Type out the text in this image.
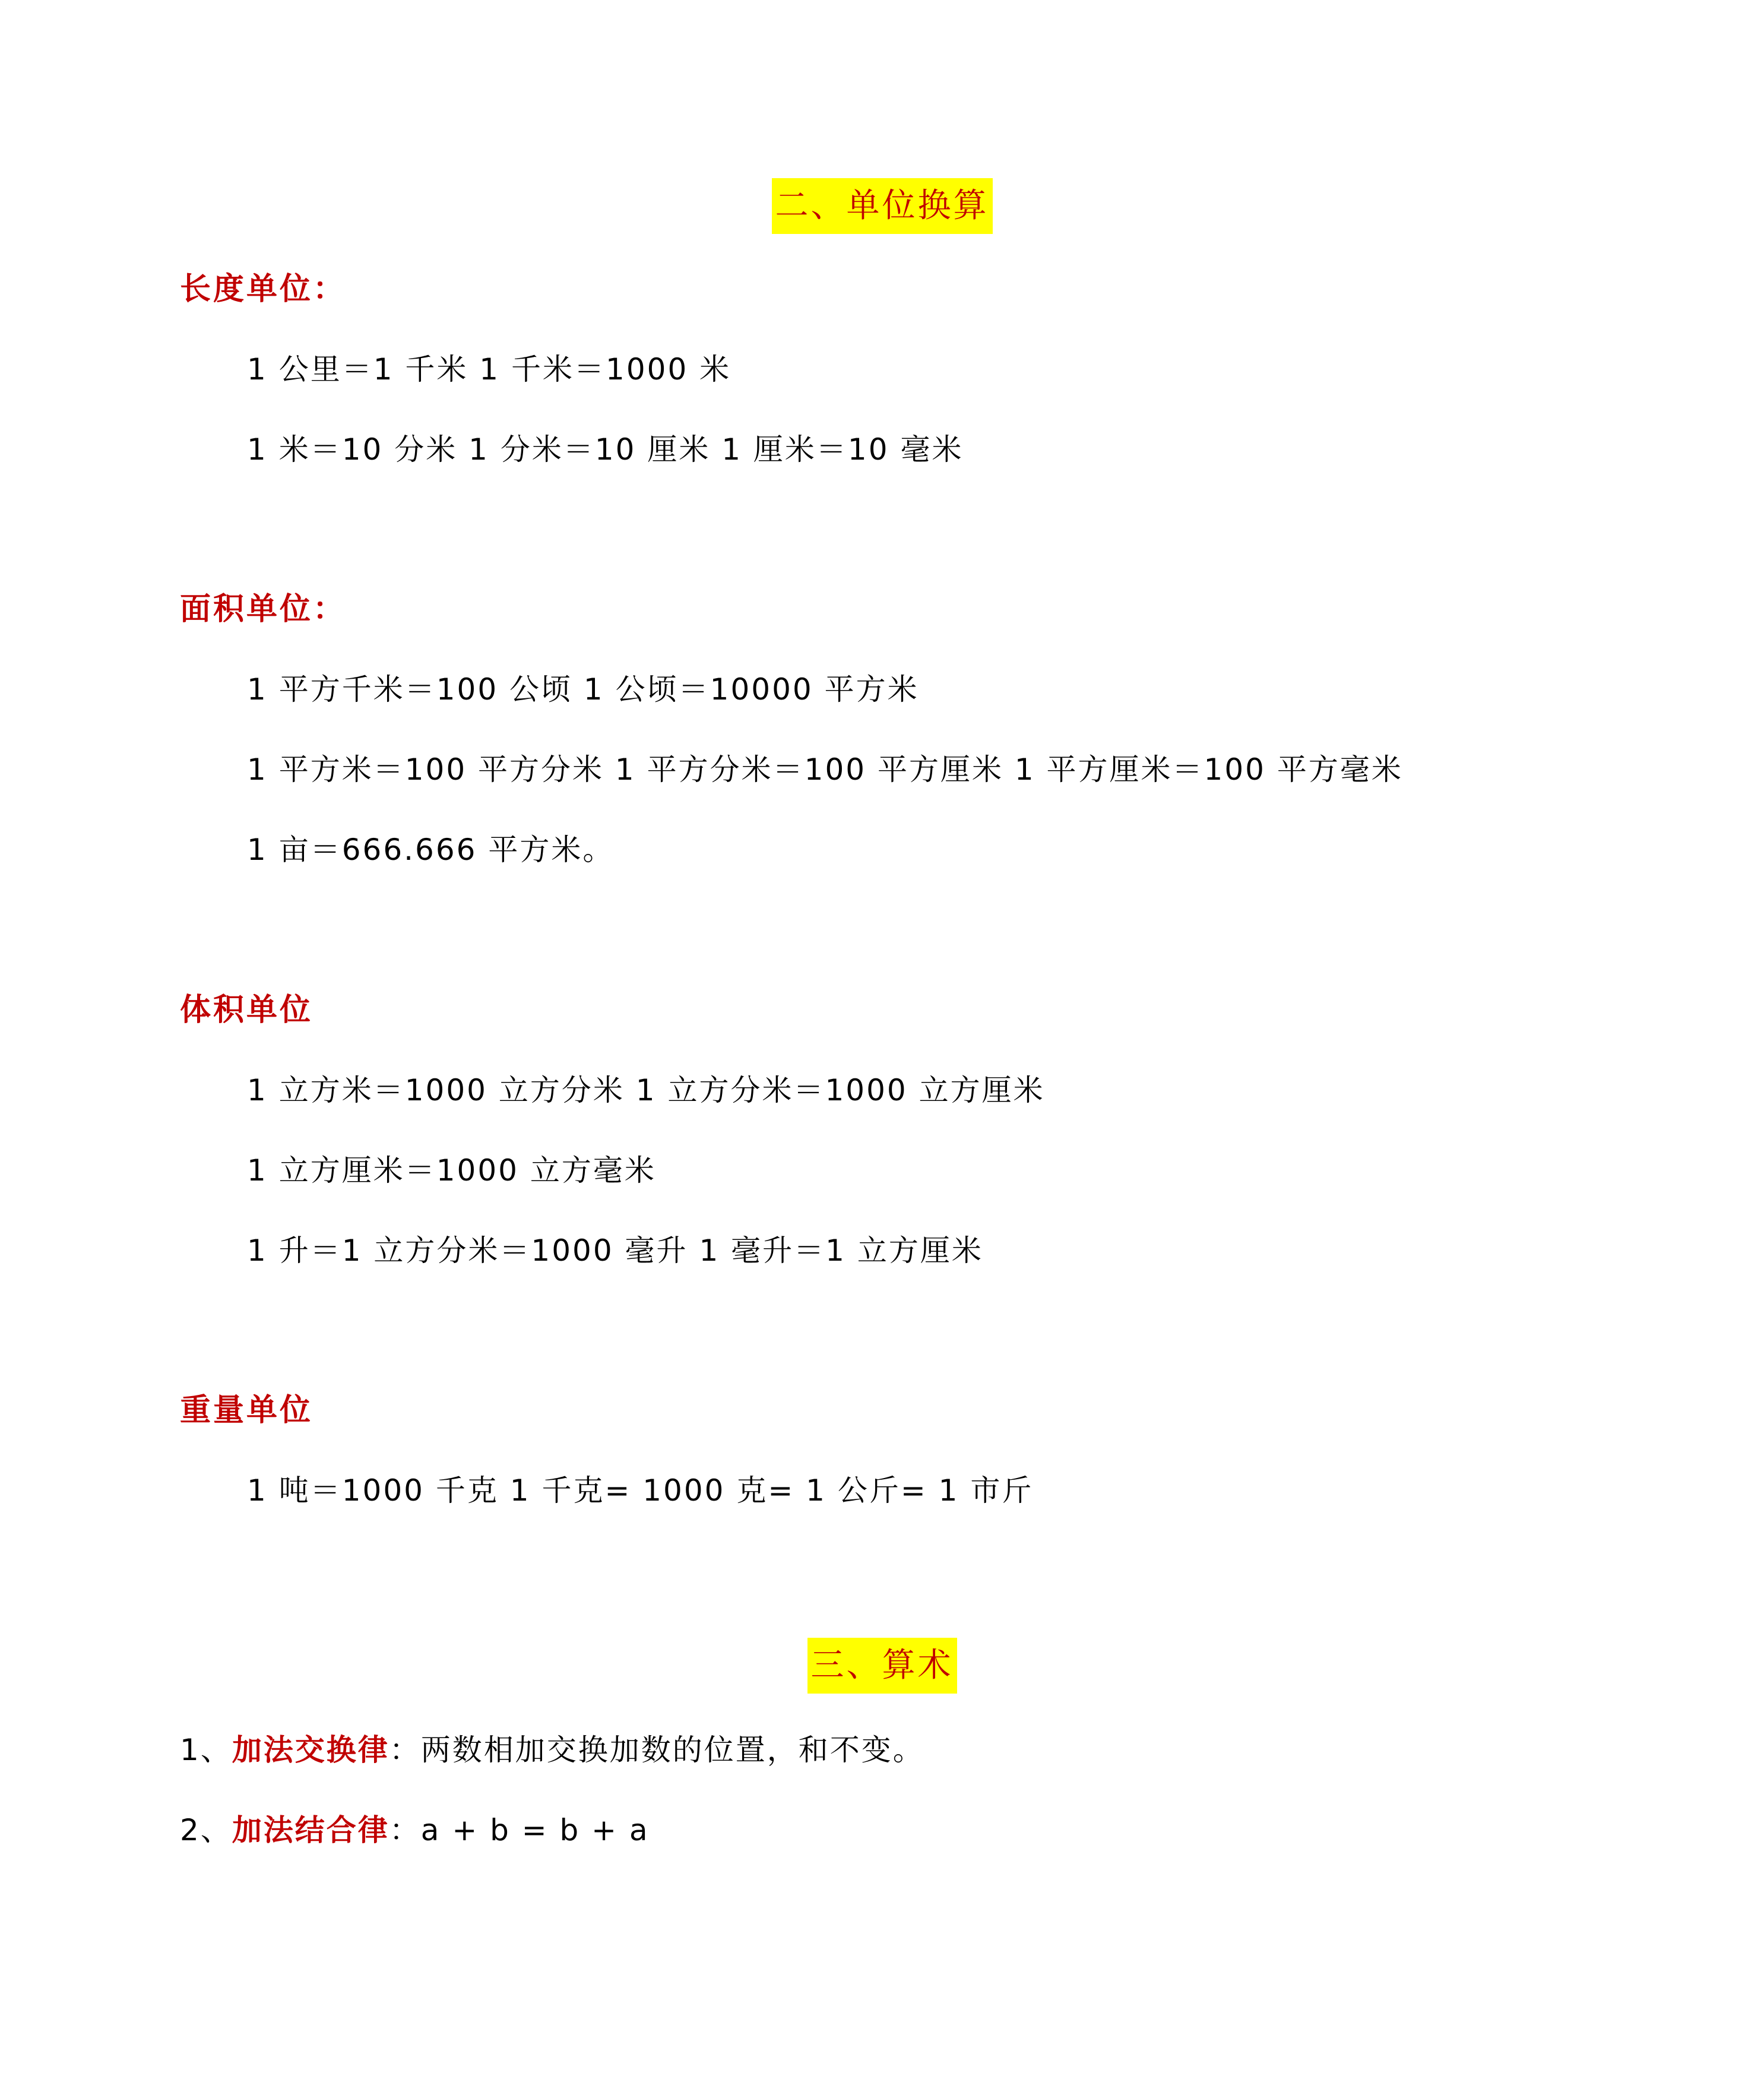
二、单位换算
长度单位：
1 公里＝1 千米 1 千米＝1000 米
1 米＝10 分米 1 分米＝10 厘米 1 厘米＝10 毫米
面积单位：
1 平方千米＝100 公顷 1 公顷＝10000 平方米
1 平方米＝100 平方分米 1 平方分米＝100 平方厘米 1 平方厘米＝100 平方毫米
1 亩＝666.666 平方米。
体积单位
1 立方米＝1000 立方分米 1 立方分米＝1000 立方厘米
1 立方厘米＝1000 立方毫米
1 升＝1 立方分米＝1000 毫升 1 毫升＝1 立方厘米
重量单位
1 吨＝1000 千克 1 千克= 1000 克= 1 公斤= 1 市斤
三、算术
1、加法交换律：两数相加交换加数的位置，和不变。
2、加法结合律：a + b = b + a
